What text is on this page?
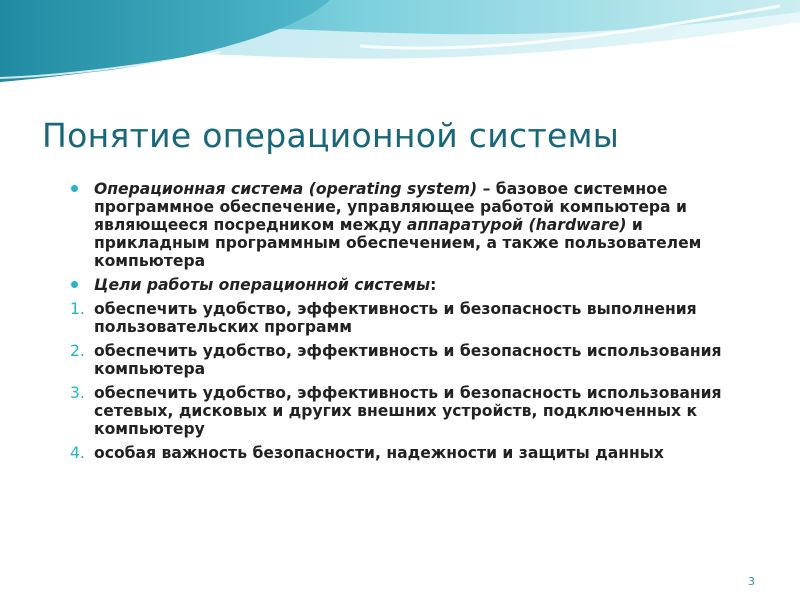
Понятие операционной системы

Операционная система (operating system) – базовое системное программное обеспечение, управляющее работой компьютера и являющееся посредником между аппаратурой (hardware) и прикладным программным обеспечением, а также пользователем компьютера

Цели работы операционной системы:

1. обеспечить удобство, эффективность и безопасность выполнения пользовательских программ

2. обеспечить удобство, эффективность и безопасность использования компьютера

3. обеспечить удобство, эффективность и безопасность использования сетевых, дисковых и других внешних устройств, подключенных к компьютеру

4. особая важность безопасности, надежности и защиты данных

3
